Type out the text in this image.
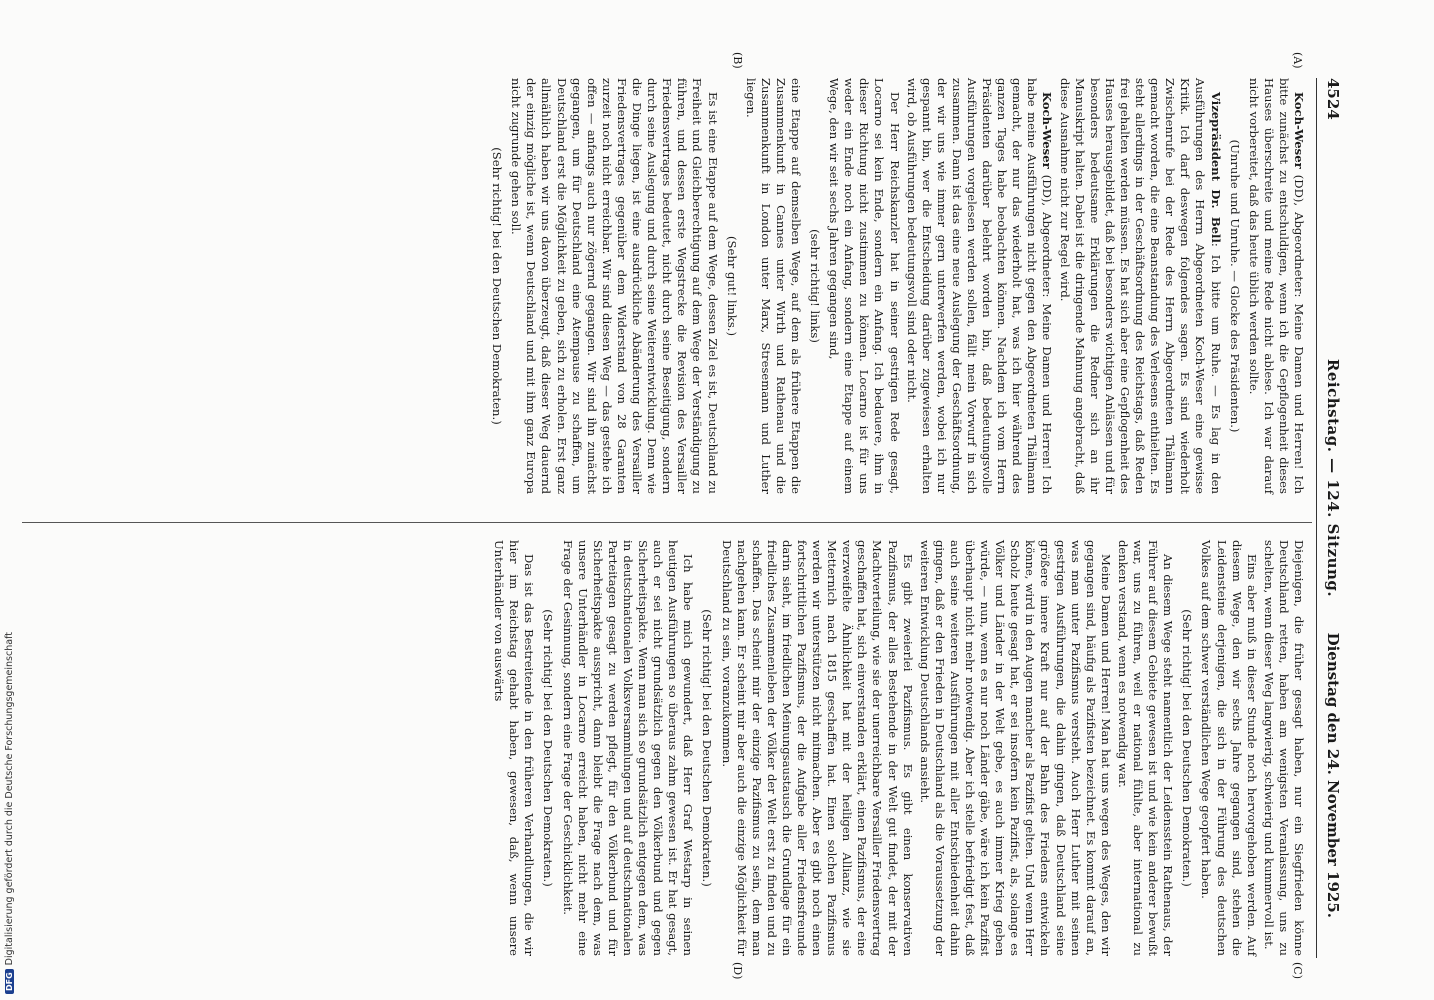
4524
Reichstag. — 124. Sitzung.
Dienstag den 24. November 1925.
(A)
(B)
(C)
(D)

Koch-Weser (DD), Abgeordneter: Meine Damen und Herren! Ich bitte zunächst zu entschuldigen, wenn ich die Gepflogenheit dieses Hauses überschreite und meine Rede nicht ablese. Ich war darauf nicht vorbereitet, daß das heute üblich werden sollte.

(Unruhe und Unruhe. — Glocke des Präsidenten.)

Vizepräsident Dr. Bell: Ich bitte um Ruhe. — Es lag in den Ausführungen des Herrn Abgeordneten Koch-Weser eine gewisse Kritik. Ich darf deswegen folgendes sagen. Es sind wiederholt Zwischenrufe bei der Rede des Herrn Abgeordneten Thälmann gemacht worden, die eine Beanstandung des Verlesens enthielten. Es steht allerdings in der Geschäftsordnung des Reichstags, daß Reden frei gehalten werden müssen. Es hat sich aber eine Gepflogenheit des Hauses herausgebildet, daß bei besonders wichtigen Anlässen und für besonders bedeutsame Erklärungen die Redner sich an ihr Manuskript halten. Dabei ist die dringende Mahnung angebracht, daß diese Ausnahme nicht zur Regel wird.

Koch-Weser (DD), Abgeordneter: Meine Damen und Herren! Ich habe meine Ausführungen nicht gegen den Abgeordneten Thälmann gemacht, der nur das wiederholt hat, was ich hier während des ganzen Tages habe beobachten können. Nachdem ich vom Herrn Präsidenten darüber belehrt worden bin, daß bedeutungsvolle Ausführungen vorgelesen werden sollen, fällt mein Vorwurf in sich zusammen. Dann ist das eine neue Auslegung der Geschäftsordnung, der wir uns wie immer gern unterwerfen werden, wobei ich nur gespannt bin, wer die Entscheidung darüber zugewiesen erhalten wird, ob Ausführungen bedeutungsvoll sind oder nicht.

Der Herr Reichskanzler hat in seiner gestrigen Rede gesagt, Locarno sei kein Ende, sondern ein Anfang. Ich bedauere, ihm in dieser Richtung nicht zustimmen zu können. Locarno ist für uns weder ein Ende noch ein Anfang, sondern eine Etappe auf einem Wege, den wir seit sechs Jahren gegangen sind,

(sehr richtig! links)

eine Etappe auf demselben Wege, auf dem als frühere Etappen die Zusammenkunft in Cannes unter Wirth und Rathenau und die Zusammenkunft in London unter Marx, Stresemann und Luther liegen.

(Sehr gut! links.)

Es ist eine Etappe auf dem Wege, dessen Ziel es ist, Deutschland zu Freiheit und Gleichberechtigung auf dem Wege der Verständigung zu führen, und dessen erste Wegstrecke die Revision des Versailler Friedensvertrages bedeutet, nicht durch seine Beseitigung, sondern durch seine Auslegung und durch seine Weiterentwicklung. Denn wie die Dinge liegen, ist eine ausdrückliche Abänderung des Versailler Friedensvertrages gegenüber dem Widerstand von 28 Garanten zurzeit noch nicht erreichbar. Wir sind diesen Weg — das gestehe ich offen — anfangs auch nur zögernd gegangen. Wir sind ihn zunächst gegangen, um für Deutschland eine Atempause zu schaffen, um Deutschland erst die Möglichkeit zu geben, sich zu erholen. Erst ganz allmählich haben wir uns davon überzeugt, daß dieser Weg dauernd der einzig mögliche ist, wenn Deutschland und mit ihm ganz Europa nicht zugrunde gehen soll.

(Sehr richtig! bei den Deutschen Demokraten.)

Diejenigen, die früher gesagt haben, nur ein Siegfrieden könne Deutschland retten, haben am wenigsten Veranlassung, uns zu schelten, wenn dieser Weg langwierig, schwierig und kummervoll ist.

Eins aber muß in dieser Stunde noch hervorgehoben werden. Auf diesem Wege, den wir sechs Jahre gegangen sind, stehen die Leidensteine derjenigen, die sich in der Führung des deutschen Volkes auf dem schwer verständlichen Wege geopfert haben.

(Sehr richtig! bei den Deutschen Demokraten.)

An diesem Wege steht namentlich der Leidensstein Rathenaus, der Führer auf diesem Gebiete gewesen ist und wie kein anderer bewußt war, uns zu führen, weil er national fühlte, aber international zu denken verstand, wenn es notwendig war.

Meine Damen und Herren! Man hat uns wegen des Weges, den wir gegangen sind, häufig als Pazifisten bezeichnet. Es kommt darauf an, was man unter Pazifismus versteht. Auch Herr Luther mit seinen gestrigen Ausführungen, die dahin gingen, daß Deutschland seine größere innere Kraft nur auf der Bahn des Friedens entwickeln könne, wird in den Augen mancher als Pazifist gelten. Und wenn Herr Scholz heute gesagt hat, er sei insofern kein Pazifist, als, solange es Völker und Länder in der Welt gebe, es auch immer Krieg geben würde, — nun, wenn es nur noch Länder gäbe, wäre ich kein Pazifist überhaupt nicht mehr notwendig. Aber ich stelle befriedigt fest, daß auch seine weiteren Ausführungen mit aller Entschiedenheit dahin gingen, daß er den Frieden in Deutschland als die Voraussetzung der weiteren Entwicklung Deutschlands ansieht.

Es gibt zweierlei Pazifismus. Es gibt einen konservativen Pazifismus, der alles Bestehende in der Welt gut findet, der mit der Machtverteilung, wie sie der unerreichbare Versailler Friedensvertrag geschaffen hat, sich einverstanden erklärt, einen Pazifismus, der eine verzweifelte Ähnlichkeit hat mit der heiligen Allianz, wie sie Metternich nach 1815 geschaffen hat. Einen solchen Pazifismus werden wir unterstützen nicht mitmachen. Aber es gibt noch einen fortschrittlichen Pazifismus, der die Aufgabe aller Friedensfreunde darin sieht, im friedlichen Meinungsaustausch die Grundlage für ein friedliches Zusammenleben der Völker der Welt erst zu finden und zu schaffen. Das scheint mir der einzige Pazifismus zu sein, dem man nachgehen kann. Er scheint mir aber auch die einzige Möglichkeit für Deutschland zu sein, voranzukommen.

(Sehr richtig! bei den Deutschen Demokraten.)

Ich habe mich gewundert, daß Herr Graf Westarp in seinen heutigen Ausführungen so überaus zahm gewesen ist. Er hat gesagt, auch er sei nicht grundsätzlich gegen den Völkerbund und gegen Sicherheitspakte. Wenn man sich so grundsätzlich entgegen dem, was in deutschnationalen Volksversammlungen und auf deutschnationalen Parteitagen gesagt zu werden pflegt, für den Völkerbund und für Sicherheitspakte ausspricht, dann bleibt die Frage nach dem, was unsere Unterhändler in Locarno erreicht haben, nicht mehr eine Frage der Gesinnung, sondern eine Frage der Geschicklichkeit.

(Sehr richtig! bei den Deutschen Demokraten.)

Das ist das Bestreitende in den früheren Verhandlungen, die wir hier im Reichstag gehabt haben, gewesen, daß, wenn unsere Unterhändler von auswärts

DFGDigitalisierung gefördert durch die Deutsche Forschungsgemeinschaft
